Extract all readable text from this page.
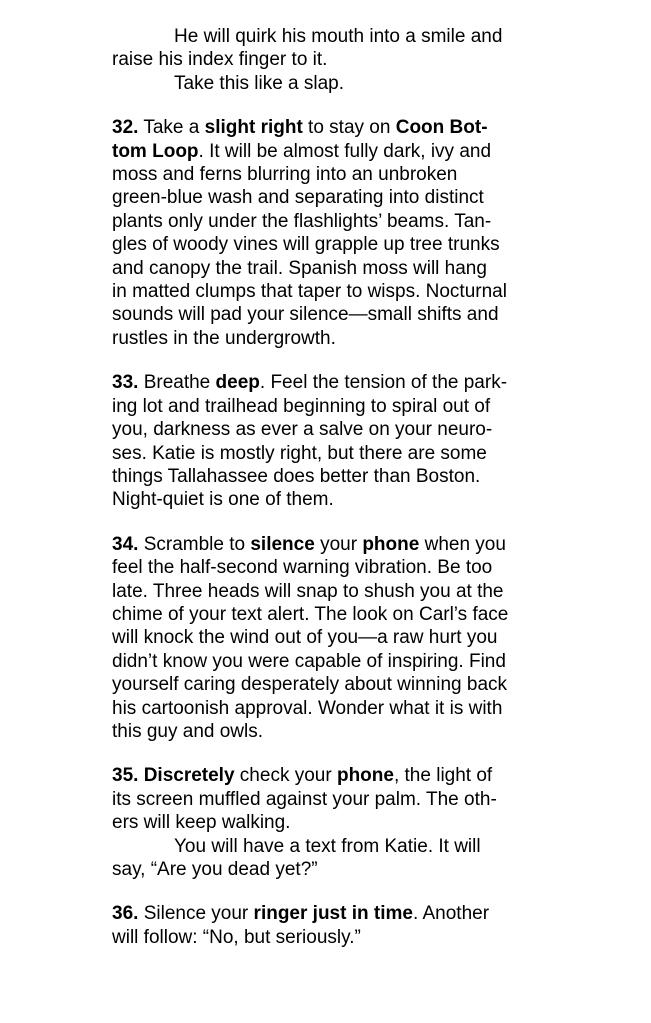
He will quirk his mouth into a smile and
raise his index finger to it.
Take this like a slap.
32. Take a slight right to stay on Coon Bot-
tom Loop. It will be almost fully dark, ivy and
moss and ferns blurring into an unbroken
green-blue wash and separating into distinct
plants only under the flashlights’ beams. Tan-
gles of woody vines will grapple up tree trunks
and canopy the trail. Spanish moss will hang
in matted clumps that taper to wisps. Nocturnal
sounds will pad your silence—small shifts and
rustles in the undergrowth.
33. Breathe deep. Feel the tension of the park-
ing lot and trailhead beginning to spiral out of
you, darkness as ever a salve on your neuro-
ses. Katie is mostly right, but there are some
things Tallahassee does better than Boston.
Night-quiet is one of them.
34. Scramble to silence your phone when you
feel the half-second warning vibration. Be too
late. Three heads will snap to shush you at the
chime of your text alert. The look on Carl’s face
will knock the wind out of you—a raw hurt you
didn’t know you were capable of inspiring. Find
yourself caring desperately about winning back
his cartoonish approval. Wonder what it is with
this guy and owls.
35. Discretely check your phone, the light of
its screen muffled against your palm. The oth-
ers will keep walking.
You will have a text from Katie. It will
say, “Are you dead yet?”
36. Silence your ringer just in time. Another
will follow: “No, but seriously.”
